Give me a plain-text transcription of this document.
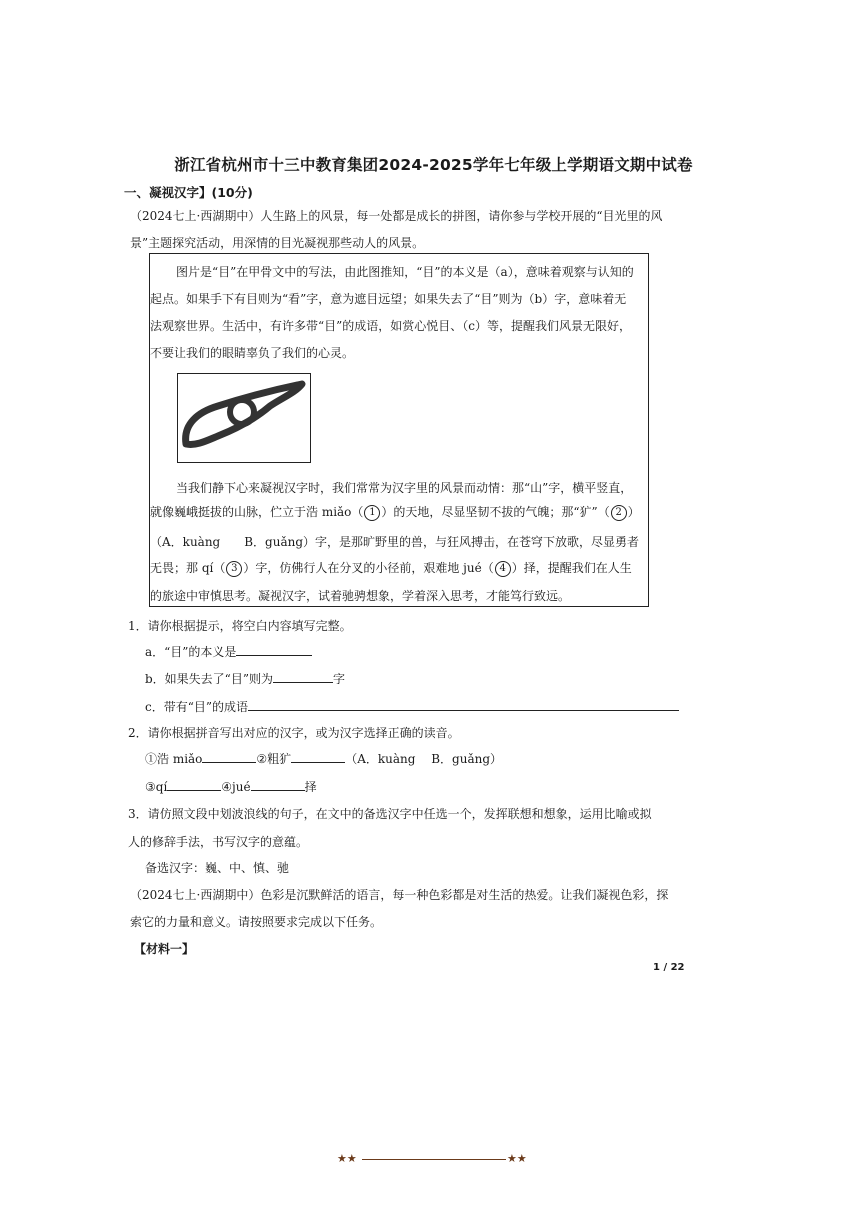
浙江省杭州市十三中教育集团2024-2025学年七年级上学期语文期中试卷
一、凝视汉字】(10分)
（2024七上·西湖期中）人生路上的风景，每一处都是成长的拼图，请你参与学校开展的“目光里的风
景”主题探究活动，用深情的目光凝视那些动人的风景。
图片是“目”在甲骨文中的写法，由此图推知，“目”的本义是（a），意味着观察与认知的
起点。如果手下有目则为“看”字，意为遮目远望；如果失去了“目”则为（b）字，意味着无
法观察世界。生活中，有许多带“目”的成语，如赏心悦目、（c）等，提醒我们风景无限好，
不要让我们的眼睛辜负了我们的心灵。
当我们静下心来凝视汉字时，我们常常为汉字里的风景而动情：那“山”字，横平竖直，
就像巍峨挺拔的山脉，伫立于浩 miǎo（ 1 ）的天地，尽显坚韧不拔的气魄；那“犷”（ 2 ）
（A．kuàng　　B．guǎng）字，是那旷野里的兽，与狂风搏击，在苍穹下放歌，尽显勇者
无畏；那 qí（ 3 ）字，仿佛行人在分叉的小径前，艰难地 jué（ 4 ）择，提醒我们在人生
的旅途中审慎思考。凝视汉字，试着驰骋想象，学着深入思考，才能笃行致远。
1．请你根据提示，将空白内容填写完整。
a．“目”的本义是
b．如果失去了“目”则为	字
c．带有“目”的成语
2．请你根据拼音写出对应的汉字，或为汉字选择正确的读音。
①浩 miǎo	②粗犷	（A．kuàng　 B．guǎng）
③qí	④jué	择
3．请仿照文段中划波浪线的句子，在文中的备选汉字中任选一个，发挥联想和想象，运用比喻或拟
人的修辞手法，书写汉字的意蕴。
备选汉字：巍、中、慎、驰
（2024七上·西湖期中）色彩是沉默鲜活的语言，每一种色彩都是对生活的热爱。让我们凝视色彩，探
索它的力量和意义。请按照要求完成以下任务。
【材料一】
1 / 22
★★	★★
